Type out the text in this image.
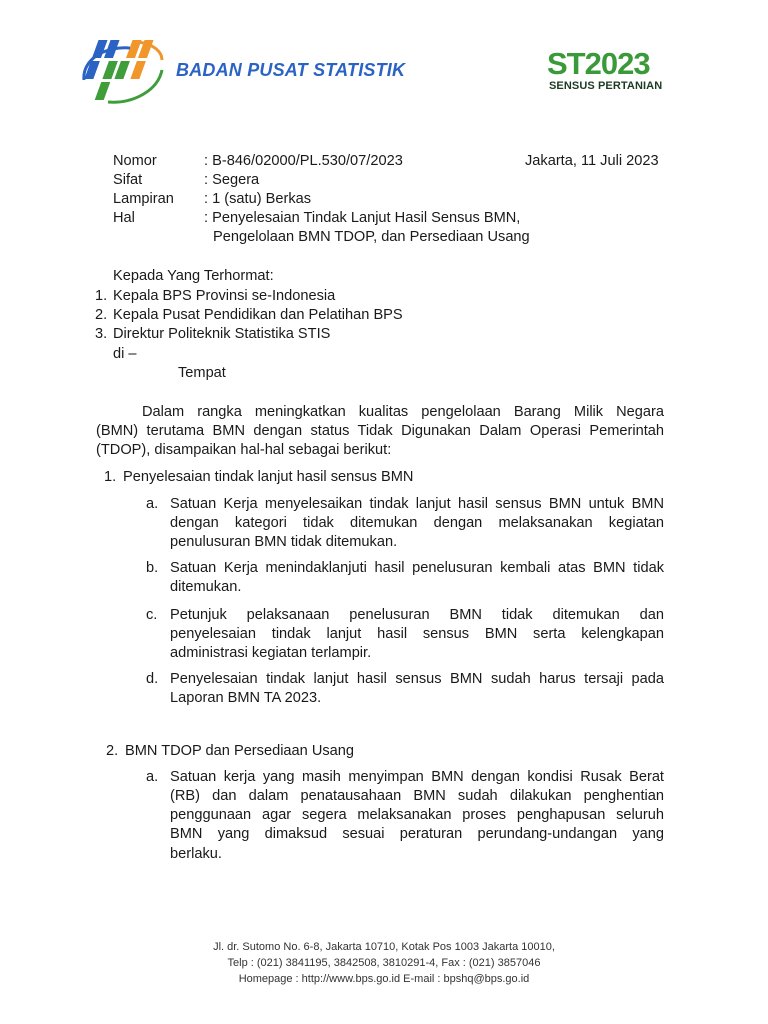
BADAN PUSAT STATISTIK	ST2023
SENSUS PERTANIAN
Nomor	: B-846/02000/PL.530/07/2023	Jakarta, 11 Juli 2023
Sifat	: Segera
Lampiran : 1 (satu) Berkas
Hal	: Penyelesaian Tindak Lanjut Hasil Sensus BMN,
Pengelolaan BMN TDOP, dan Persediaan Usang
Kepada Yang Terhormat:
1. Kepala BPS Provinsi se-Indonesia
2. Kepala Pusat Pendidikan dan Pelatihan BPS
3. Direktur Politeknik Statistika STIS
di –
Tempat
Dalam rangka meningkatkan kualitas pengelolaan Barang Milik Negara
(BMN) terutama BMN dengan status Tidak Digunakan Dalam Operasi Pemerintah
(TDOP), disampaikan hal-hal sebagai berikut:
1. Penyelesaian tindak lanjut hasil sensus BMN
a. Satuan Kerja menyelesaikan tindak lanjut hasil sensus BMN untuk BMN
dengan kategori tidak ditemukan dengan melaksanakan kegiatan
penulusuran BMN tidak ditemukan.
b. Satuan Kerja menindaklanjuti hasil penelusuran kembali atas BMN tidak
ditemukan.
c. Petunjuk pelaksanaan penelusuran BMN tidak ditemukan dan
penyelesaian tindak lanjut hasil sensus BMN serta kelengkapan
administrasi kegiatan terlampir.
d. Penyelesaian tindak lanjut hasil sensus BMN sudah harus tersaji pada
Laporan BMN TA 2023.
2. BMN TDOP dan Persediaan Usang
a. Satuan kerja yang masih menyimpan BMN dengan kondisi Rusak Berat
(RB) dan dalam penatausahaan BMN sudah dilakukan penghentian
penggunaan agar segera melaksanakan proses penghapusan seluruh
BMN yang dimaksud sesuai peraturan perundang-undangan yang
berlaku.
Jl. dr. Sutomo No. 6-8, Jakarta 10710, Kotak Pos 1003 Jakarta 10010,
Telp : (021) 3841195, 3842508, 3810291-4, Fax : (021) 3857046
Homepage : http://www.bps.go.id E-mail : bpshq@bps.go.id
